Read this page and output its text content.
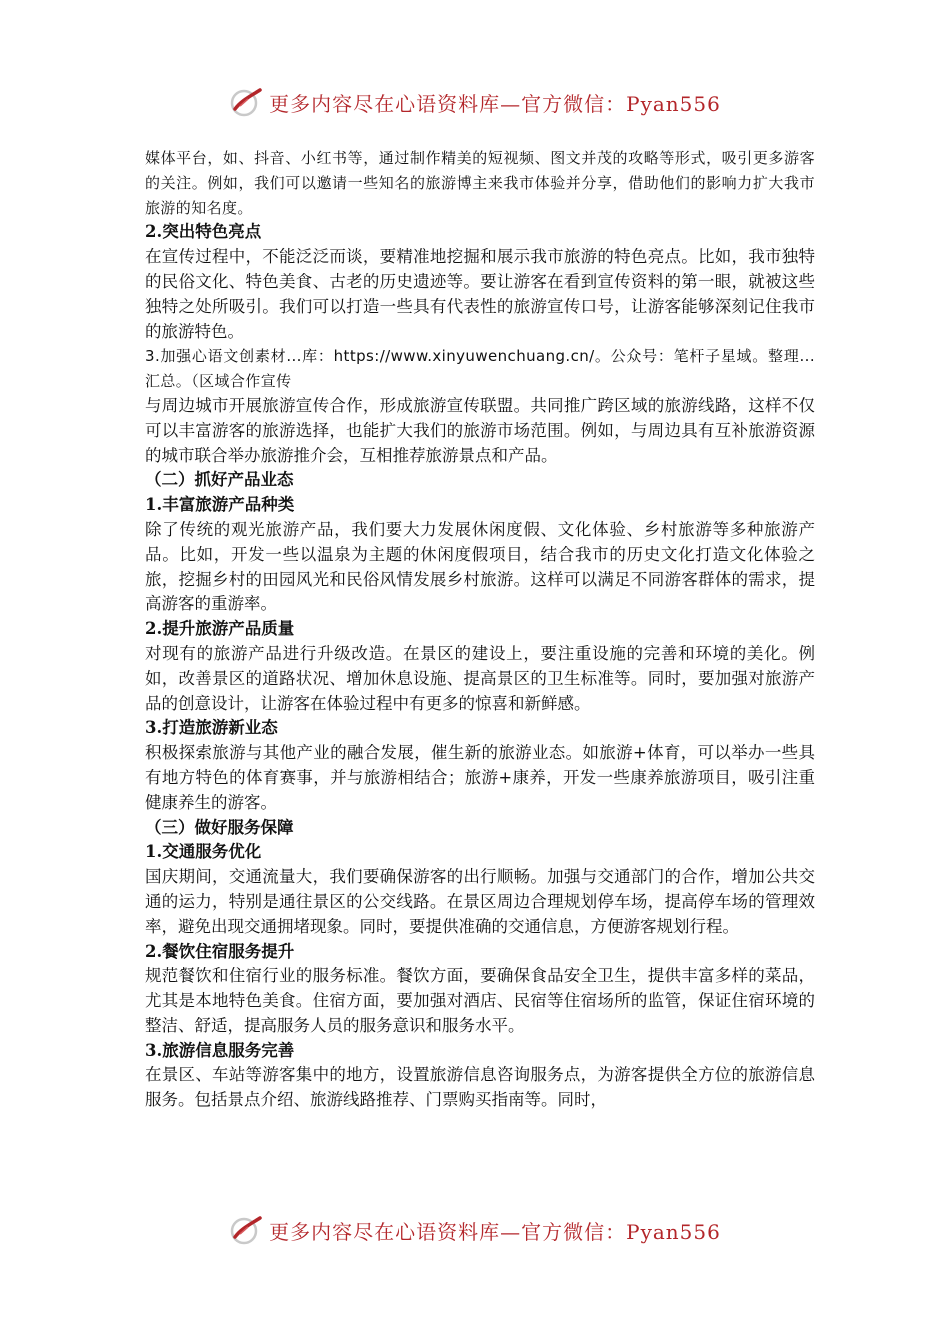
更多内容尽在心语资料库—官方微信：Pyan556

媒体平台，如、抖音、小红书等，通过制作精美的短视频、图文并茂的攻略等形式，吸引更多游客的关注。例如，我们可以邀请一些知名的旅游博主来我市体验并分享，借助他们的影响力扩大我市旅游的知名度。

2.突出特色亮点

在宣传过程中，不能泛泛而谈，要精准地挖掘和展示我市旅游的特色亮点。比如，我市独特的民俗文化、特色美食、古老的历史遗迹等。要让游客在看到宣传资料的第一眼，就被这些独特之处所吸引。我们可以打造一些具有代表性的旅游宣传口号，让游客能够深刻记住我市的旅游特色。

3.加强心语文创素材...库：https://www.xinyuwenchuang.cn/。公众号：笔杆子星域。整理...汇总。（区域合作宣传

与周边城市开展旅游宣传合作，形成旅游宣传联盟。共同推广跨区域的旅游线路，这样不仅可以丰富游客的旅游选择，也能扩大我们的旅游市场范围。例如，与周边具有互补旅游资源的城市联合举办旅游推介会，互相推荐旅游景点和产品。

（二）抓好产品业态

1.丰富旅游产品种类

除了传统的观光旅游产品，我们要大力发展休闲度假、文化体验、乡村旅游等多种旅游产品。比如，开发一些以温泉为主题的休闲度假项目，结合我市的历史文化打造文化体验之旅，挖掘乡村的田园风光和民俗风情发展乡村旅游。这样可以满足不同游客群体的需求，提高游客的重游率。

2.提升旅游产品质量

对现有的旅游产品进行升级改造。在景区的建设上，要注重设施的完善和环境的美化。例如，改善景区的道路状况、增加休息设施、提高景区的卫生标准等。同时，要加强对旅游产品的创意设计，让游客在体验过程中有更多的惊喜和新鲜感。

3.打造旅游新业态

积极探索旅游与其他产业的融合发展，催生新的旅游业态。如旅游+体育，可以举办一些具有地方特色的体育赛事，并与旅游相结合；旅游+康养，开发一些康养旅游项目，吸引注重健康养生的游客。

（三）做好服务保障

1.交通服务优化

国庆期间，交通流量大，我们要确保游客的出行顺畅。加强与交通部门的合作，增加公共交通的运力，特别是通往景区的公交线路。在景区周边合理规划停车场，提高停车场的管理效率，避免出现交通拥堵现象。同时，要提供准确的交通信息，方便游客规划行程。

2.餐饮住宿服务提升

规范餐饮和住宿行业的服务标准。餐饮方面，要确保食品安全卫生，提供丰富多样的菜品，尤其是本地特色美食。住宿方面，要加强对酒店、民宿等住宿场所的监管，保证住宿环境的整洁、舒适，提高服务人员的服务意识和服务水平。

3.旅游信息服务完善

在景区、车站等游客集中的地方，设置旅游信息咨询服务点，为游客提供全方位的旅游信息服务。包括景点介绍、旅游线路推荐、门票购买指南等。同时，

更多内容尽在心语资料库—官方微信：Pyan556
